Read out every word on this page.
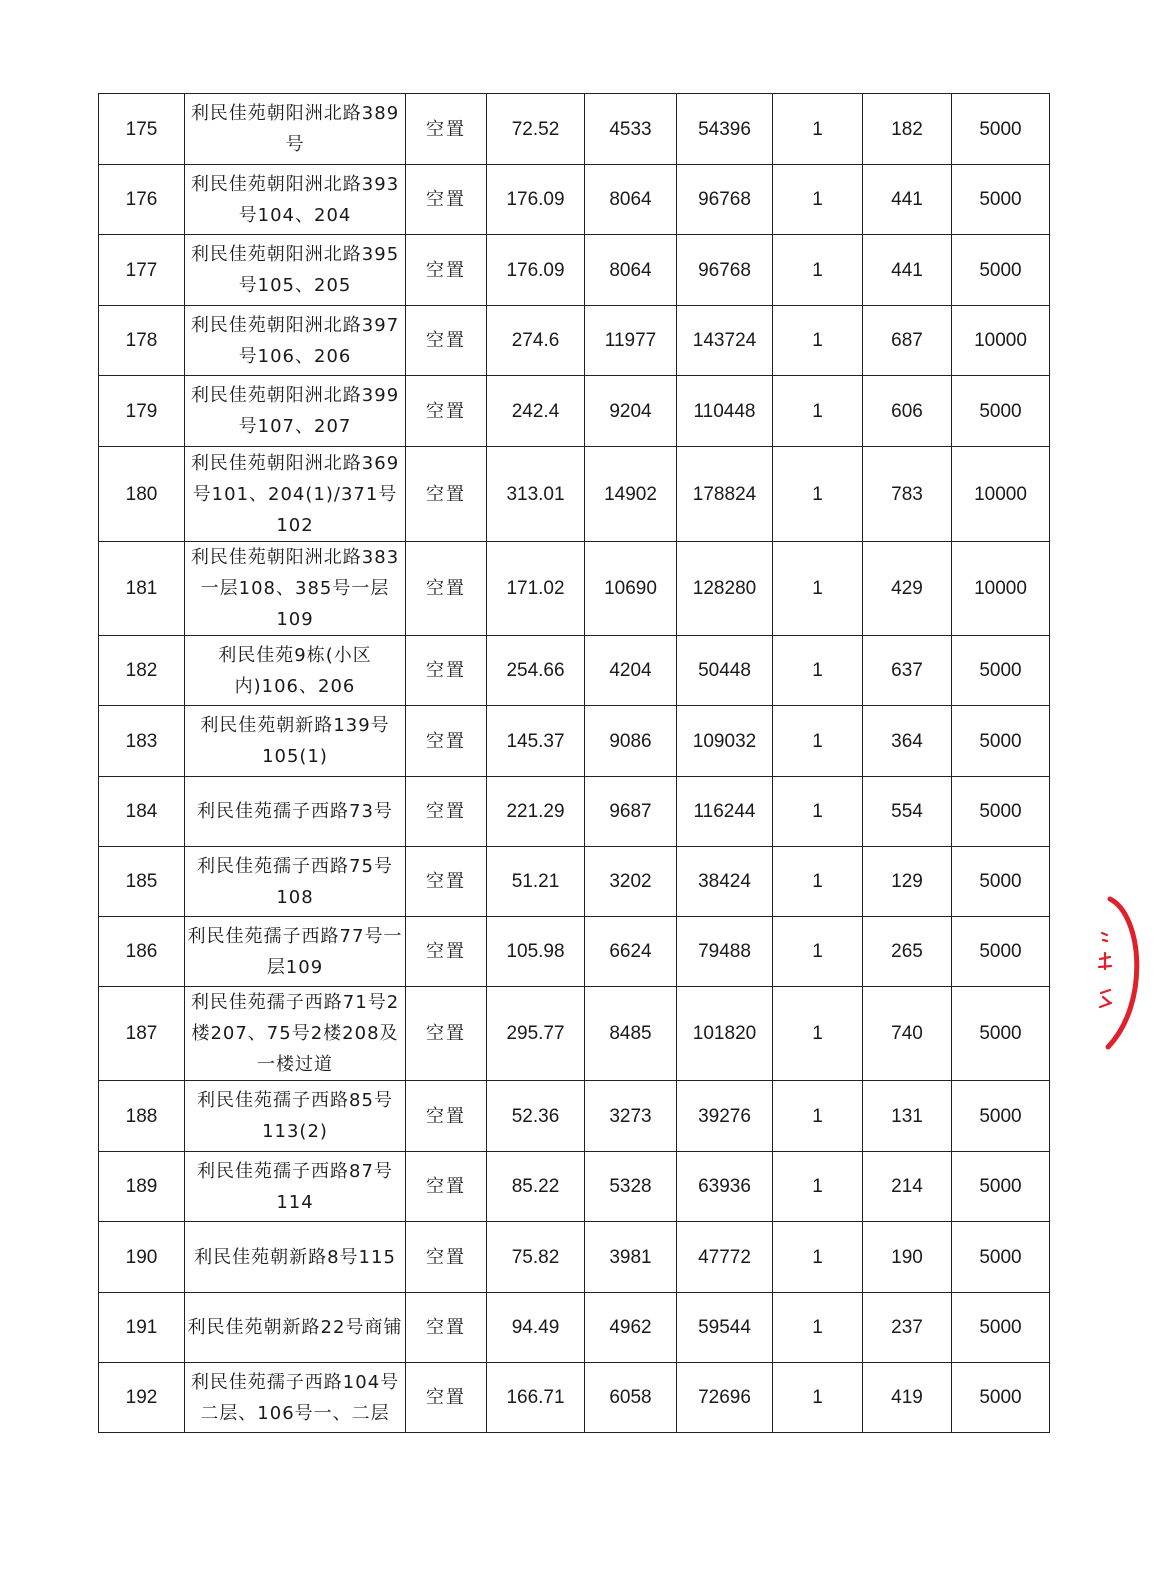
175	利民佳苑朝阳洲北路389号	空置	72.52	4533	54396	1	182	5000
176	利民佳苑朝阳洲北路393号104、204	空置	176.09	8064	96768	1	441	5000
177	利民佳苑朝阳洲北路395号105、205	空置	176.09	8064	96768	1	441	5000
178	利民佳苑朝阳洲北路397号106、206	空置	274.6	11977	143724	1	687	10000
179	利民佳苑朝阳洲北路399号107、207	空置	242.4	9204	110448	1	606	5000
180	利民佳苑朝阳洲北路369号101、204(1)/371号102	空置	313.01	14902	178824	1	783	10000
181	利民佳苑朝阳洲北路383一层108、385号一层109	空置	171.02	10690	128280	1	429	10000
182	利民佳苑9栋(小区内)106、206	空置	254.66	4204	50448	1	637	5000
183	利民佳苑朝新路139号105(1)	空置	145.37	9086	109032	1	364	5000
184	利民佳苑孺子西路73号	空置	221.29	9687	116244	1	554	5000
185	利民佳苑孺子西路75号108	空置	51.21	3202	38424	1	129	5000
186	利民佳苑孺子西路77号一层109	空置	105.98	6624	79488	1	265	5000
187	利民佳苑孺子西路71号2楼207、75号2楼208及一楼过道	空置	295.77	8485	101820	1	740	5000
188	利民佳苑孺子西路85号113(2)	空置	52.36	3273	39276	1	131	5000
189	利民佳苑孺子西路87号114	空置	85.22	5328	63936	1	214	5000
190	利民佳苑朝新路8号115	空置	75.82	3981	47772	1	190	5000
191	利民佳苑朝新路22号商铺	空置	94.49	4962	59544	1	237	5000
192	利民佳苑孺子西路104号二层、106号一、二层	空置	166.71	6058	72696	1	419	5000
